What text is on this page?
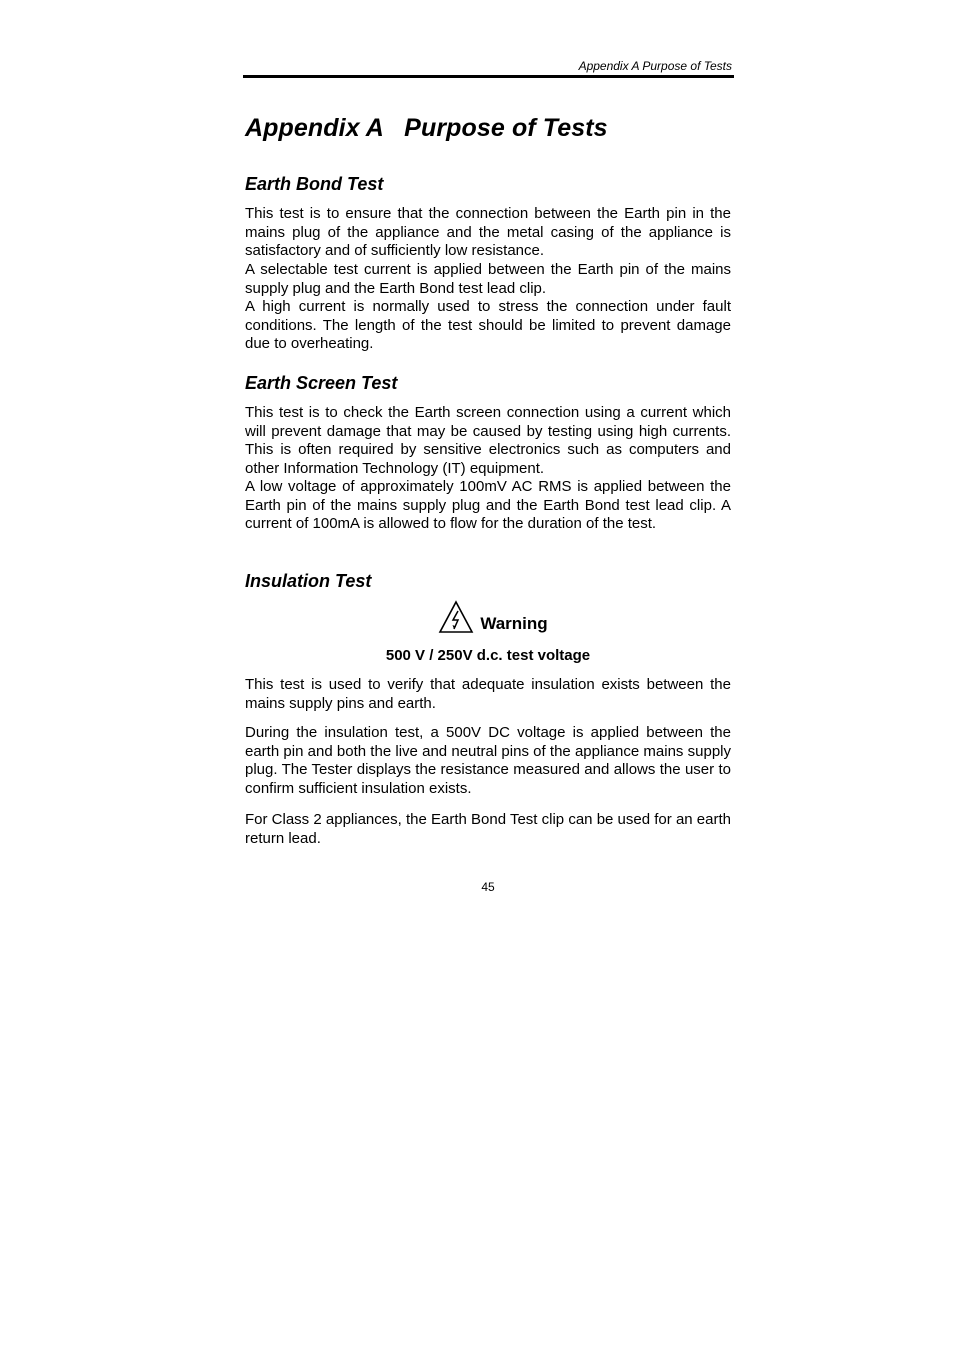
Appendix A Purpose of Tests
Appendix A   Purpose of Tests
Earth Bond Test

This test is to ensure that the connection between the Earth pin in the mains plug of the appliance and the metal casing of the appliance is satisfactory and of sufficiently low resistance.

A selectable test current is applied between the Earth pin of the mains supply plug and the Earth Bond test lead clip.

A high current is normally used to stress the connection under fault conditions. The length of the test should be limited to prevent damage due to overheating.

Earth Screen Test

This test is to check the Earth screen connection using a current which will prevent damage that may be caused by testing using high currents. This is often required by sensitive electronics such as computers and other Information Technology (IT) equipment.

A low voltage of approximately 100mV AC RMS is applied between the Earth pin of the mains supply plug and the Earth Bond test lead clip. A current of 100mA is allowed to flow for the duration of the test.

Insulation Test
Warning
500 V / 250V d.c. test voltage

This test is used to verify that adequate insulation exists between the mains supply pins and earth.

During the insulation test, a 500V DC voltage is applied between the earth pin and both the live and neutral pins of the appliance mains supply plug. The Tester displays the resistance measured and allows the user to confirm sufficient insulation exists.

For Class 2 appliances, the Earth Bond Test clip can be used for an earth return lead.

45
